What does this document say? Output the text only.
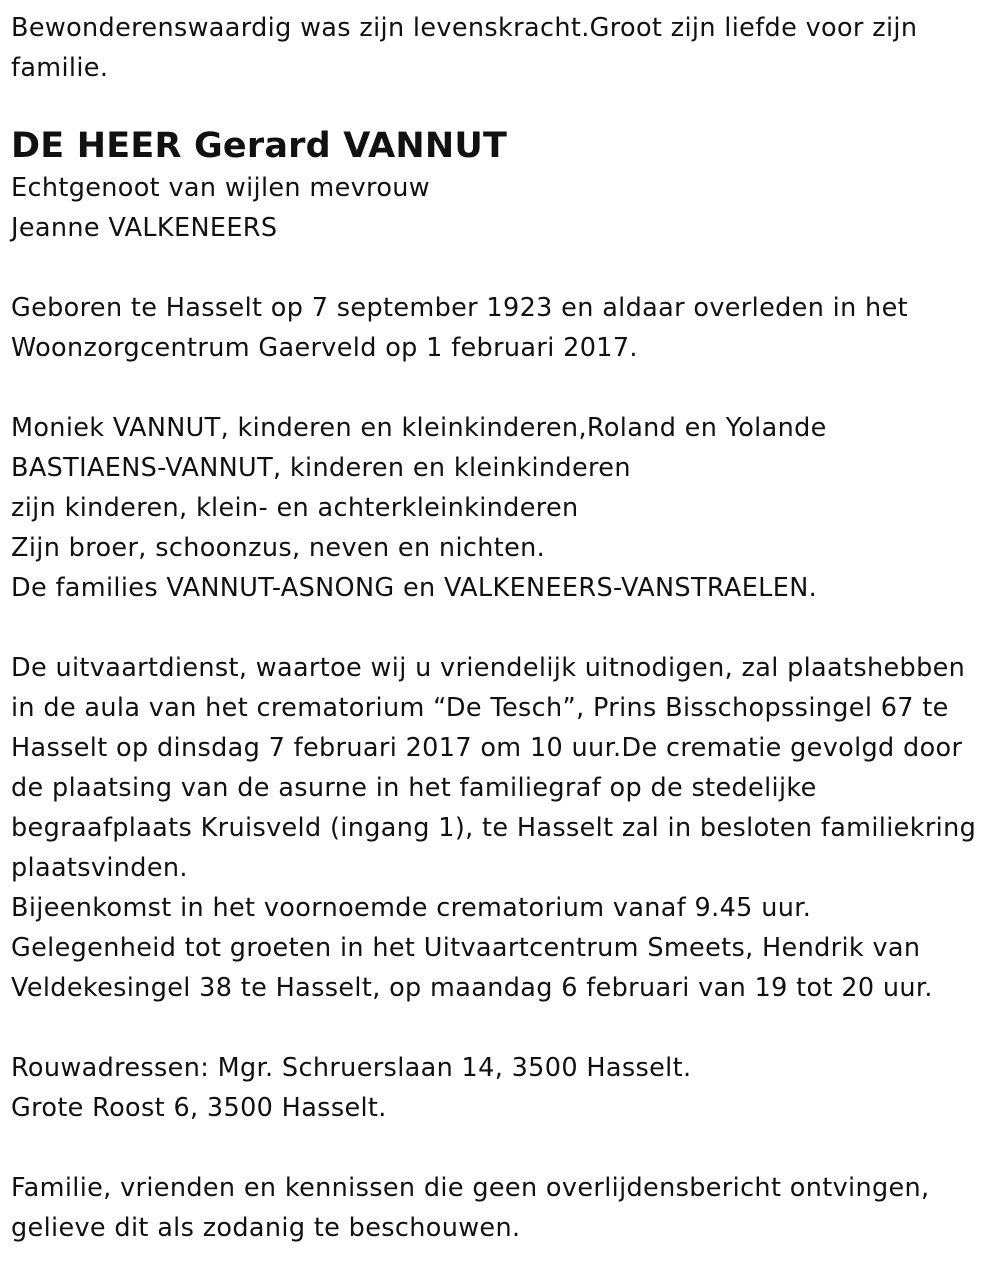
Bewonderenswaardig was zijn levenskracht.Groot zijn liefde voor zijn
familie.
DE HEER Gerard VANNUT
Echtgenoot van wijlen mevrouw
Jeanne VALKENEERS
Geboren te Hasselt op 7 september 1923 en aldaar overleden in het
Woonzorgcentrum Gaerveld op 1 februari 2017.
Moniek VANNUT, kinderen en kleinkinderen,Roland en Yolande
BASTIAENS-VANNUT, kinderen en kleinkinderen
zijn kinderen, klein- en achterkleinkinderen
Zijn broer, schoonzus, neven en nichten.
De families VANNUT-ASNONG en VALKENEERS-VANSTRAELEN.
De uitvaartdienst, waartoe wij u vriendelijk uitnodigen, zal plaatshebben
in de aula van het crematorium “De Tesch”, Prins Bisschopssingel 67 te
Hasselt op dinsdag 7 februari 2017 om 10 uur.De crematie gevolgd door
de plaatsing van de asurne in het familiegraf op de stedelijke
begraafplaats Kruisveld (ingang 1), te Hasselt zal in besloten familiekring
plaatsvinden.
Bijeenkomst in het voornoemde crematorium vanaf 9.45 uur.
Gelegenheid tot groeten in het Uitvaartcentrum Smeets, Hendrik van
Veldekesingel 38 te Hasselt, op maandag 6 februari van 19 tot 20 uur.
Rouwadressen: Mgr. Schruerslaan 14, 3500 Hasselt.
Grote Roost 6, 3500 Hasselt.
Familie, vrienden en kennissen die geen overlijdensbericht ontvingen,
gelieve dit als zodanig te beschouwen.
